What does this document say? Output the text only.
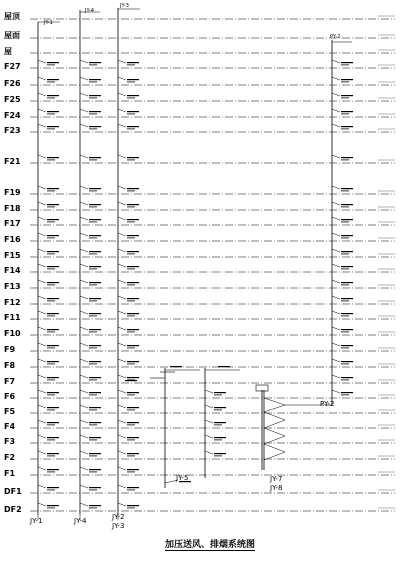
屋顶
屋面
屋
F27
F26
F25
F24
F23
F21
F19
F18
F17
F16
F15
F14
F13
F12
F11
F10
F9
F8
F7
F6
F5
F4
F3
F2
F1
DF1
DF2
JY-1	JY-4	JY-2
JY-3
JY-5	JY-7
JY-8
PY-2
PY-2
JY-3
JY-4
JY-1
加压送风、排烟系统图
